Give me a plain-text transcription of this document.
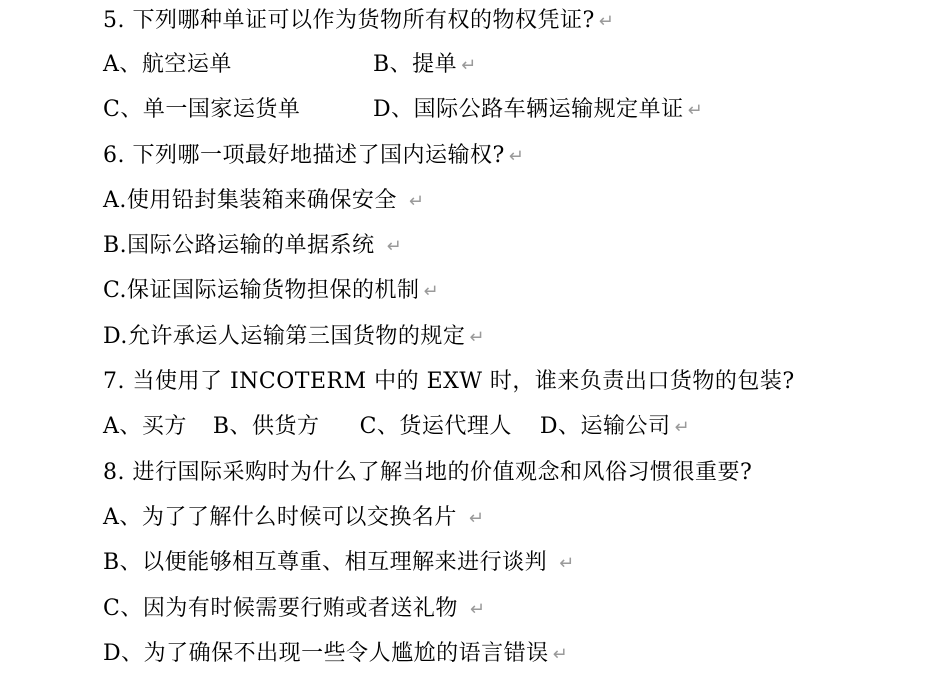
5. 下列哪种单证可以作为货物所有权的物权凭证? ↵
A、航空运单	B、提单 ↵
C、单一国家运货单	D、国际公路车辆运输规定单证 ↵
6. 下列哪一项最好地描述了国内运输权? ↵
A.使用铅封集装箱来确保安全 ↵
B.国际公路运输的单据系统 ↵
C.保证国际运输货物担保的机制 ↵
D.允许承运人运输第三国货物的规定 ↵
7. 当使用了 INCOTERM 中的 EXW 时，谁来负责出口货物的包装?
A、买方 B、供货方 C、货运代理人 D、运输公司 ↵
8. 进行国际采购时为什么了解当地的价值观念和风俗习惯很重要?
A、为了了解什么时候可以交换名片 ↵
B、以便能够相互尊重、相互理解来进行谈判 ↵
C、因为有时候需要行贿或者送礼物 ↵
D、为了确保不出现一些令人尴尬的语言错误 ↵
